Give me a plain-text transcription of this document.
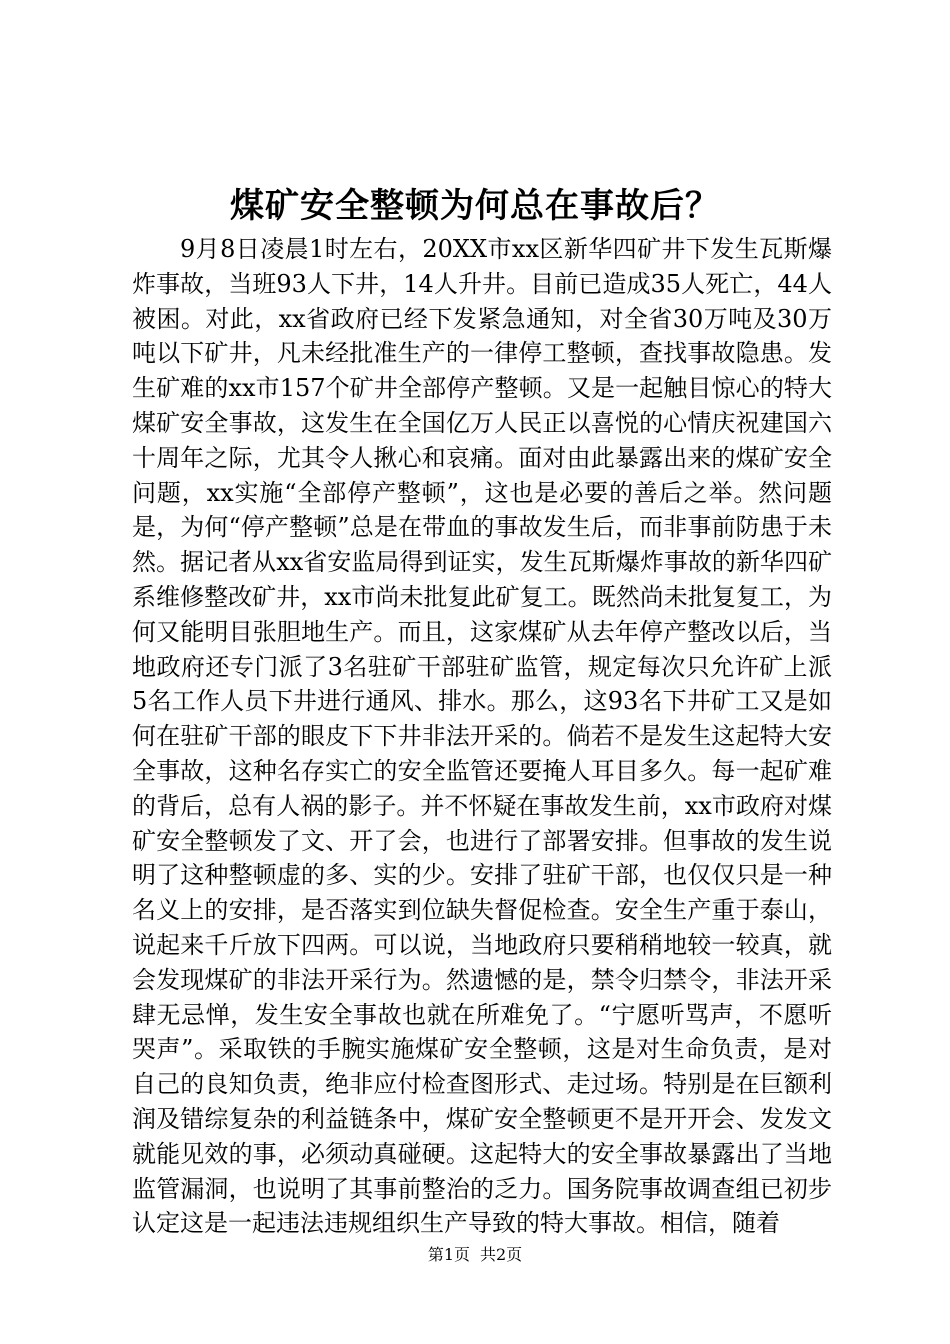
煤矿安全整顿为何总在事故后？

9月8日凌晨1时左右，20XX市xx区新华四矿井下发生瓦斯爆炸事故，当班93人下井，14人升井。目前已造成35人死亡，44人被困。对此，xx省政府已经下发紧急通知，对全省30万吨及30万吨以下矿井，凡未经批准生产的一律停工整顿，查找事故隐患。发生矿难的xx市157个矿井全部停产整顿。又是一起触目惊心的特大煤矿安全事故，这发生在全国亿万人民正以喜悦的心情庆祝建国六十周年之际，尤其令人揪心和哀痛。面对由此暴露出来的煤矿安全问题，xx实施“全部停产整顿”，这也是必要的善后之举。然问题是，为何“停产整顿”总是在带血的事故发生后，而非事前防患于未然。据记者从xx省安监局得到证实，发生瓦斯爆炸事故的新华四矿系维修整改矿井，xx市尚未批复此矿复工。既然尚未批复复工，为何又能明目张胆地生产。而且，这家煤矿从去年停产整改以后，当地政府还专门派了3名驻矿干部驻矿监管，规定每次只允许矿上派5名工作人员下井进行通风、排水。那么，这93名下井矿工又是如何在驻矿干部的眼皮下下井非法开采的。倘若不是发生这起特大安全事故，这种名存实亡的安全监管还要掩人耳目多久。每一起矿难的背后，总有人祸的影子。并不怀疑在事故发生前，xx市政府对煤矿安全整顿发了文、开了会，也进行了部署安排。但事故的发生说明了这种整顿虚的多、实的少。安排了驻矿干部，也仅仅只是一种名义上的安排，是否落实到位缺失督促检查。安全生产重于泰山，说起来千斤放下四两。可以说，当地政府只要稍稍地较一较真，就会发现煤矿的非法开采行为。然遗憾的是，禁令归禁令，非法开采肆无忌惮，发生安全事故也就在所难免了。“宁愿听骂声，不愿听哭声”。采取铁的手腕实施煤矿安全整顿，这是对生命负责，是对自己的良知负责，绝非应付检查图形式、走过场。特别是在巨额利润及错综复杂的利益链条中，煤矿安全整顿更不是开开会、发发文就能见效的事，必须动真碰硬。这起特大的安全事故暴露出了当地监管漏洞，也说明了其事前整治的乏力。国务院事故调查组已初步认定这是一起违法违规组织生产导致的特大事故。相信，随着

第1页 共2页
